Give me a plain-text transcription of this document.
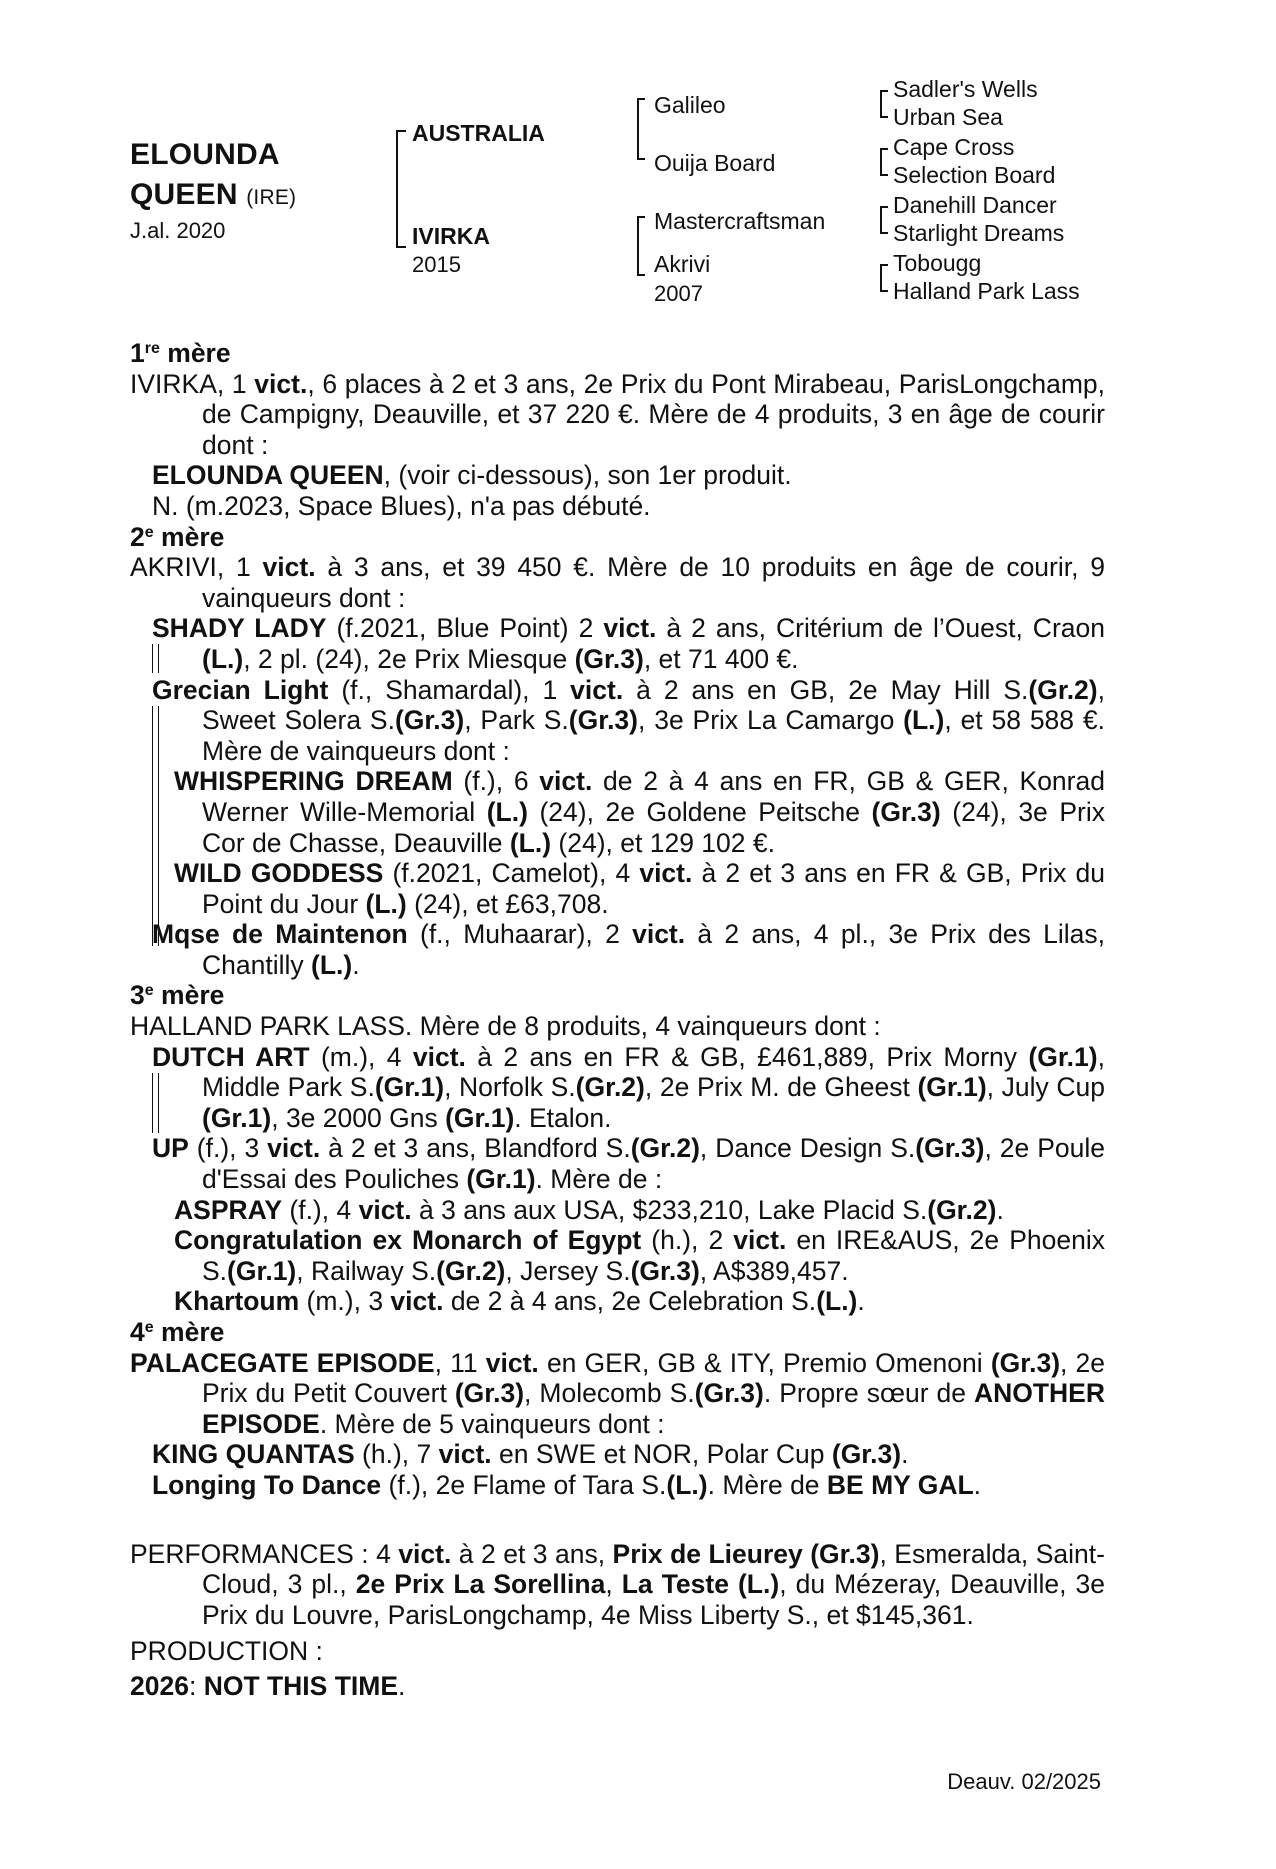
ELOUNDA
QUEEN (IRE)
J.al. 2020
AUSTRALIA
IVIRKA
2015
Galileo
Ouija Board
Mastercraftsman
Akrivi
2007
Sadler's Wells
Urban Sea
Cape Cross
Selection Board
Danehill Dancer
Starlight Dreams
Tobougg
Halland Park Lass
1re mère
IVIRKA, 1 vict., 6 places à 2 et 3 ans, 2e Prix du Pont Mirabeau, ParisLongchamp, de Campigny, Deauville, et 37 220 €. Mère de 4 produits, 3 en âge de courir dont :
ELOUNDA QUEEN, (voir ci-dessous), son 1er produit.
N. (m.2023, Space Blues), n'a pas débuté.
2e mère
AKRIVI, 1 vict. à 3 ans, et 39 450 €. Mère de 10 produits en âge de courir, 9 vainqueurs dont :
SHADY LADY (f.2021, Blue Point) 2 vict. à 2 ans, Critérium de l’Ouest, Craon (L.), 2 pl. (24), 2e Prix Miesque (Gr.3), et 71 400 €.
Grecian Light (f., Shamardal), 1 vict. à 2 ans en GB, 2e May Hill S.(Gr.2), Sweet Solera S.(Gr.3), Park S.(Gr.3), 3e Prix La Camargo (L.), et 58 588 €. Mère de vainqueurs dont :
WHISPERING DREAM (f.), 6 vict. de 2 à 4 ans en FR, GB & GER, Konrad Werner Wille-Memorial (L.) (24), 2e Goldene Peitsche (Gr.3) (24), 3e Prix Cor de Chasse, Deauville (L.) (24), et 129 102 €.
WILD GODDESS (f.2021, Camelot), 4 vict. à 2 et 3 ans en FR & GB, Prix du Point du Jour (L.) (24), et £63,708.
Mqse de Maintenon (f., Muhaarar), 2 vict. à 2 ans, 4 pl., 3e Prix des Lilas, Chantilly (L.).
3e mère
HALLAND PARK LASS. Mère de 8 produits, 4 vainqueurs dont :
DUTCH ART (m.), 4 vict. à 2 ans en FR & GB, £461,889, Prix Morny (Gr.1), Middle Park S.(Gr.1), Norfolk S.(Gr.2), 2e Prix M. de Gheest (Gr.1), July Cup (Gr.1), 3e 2000 Gns (Gr.1). Etalon.
UP (f.), 3 vict. à 2 et 3 ans, Blandford S.(Gr.2), Dance Design S.(Gr.3), 2e Poule d'Essai des Pouliches (Gr.1). Mère de :
ASPRAY (f.), 4 vict. à 3 ans aux USA, $233,210, Lake Placid S.(Gr.2).
Congratulation ex Monarch of Egypt (h.), 2 vict. en IRE&AUS, 2e Phoenix S.(Gr.1), Railway S.(Gr.2), Jersey S.(Gr.3), A$389,457.
Khartoum (m.), 3 vict. de 2 à 4 ans, 2e Celebration S.(L.).
4e mère
PALACEGATE EPISODE, 11 vict. en GER, GB & ITY, Premio Omenoni (Gr.3), 2e Prix du Petit Couvert (Gr.3), Molecomb S.(Gr.3). Propre sœur de ANOTHER EPISODE. Mère de 5 vainqueurs dont :
KING QUANTAS (h.), 7 vict. en SWE et NOR, Polar Cup (Gr.3).
Longing To Dance (f.), 2e Flame of Tara S.(L.). Mère de BE MY GAL.
PERFORMANCES : 4 vict. à 2 et 3 ans, Prix de Lieurey (Gr.3), Esmeralda, Saint-Cloud, 3 pl., 2e Prix La Sorellina, La Teste (L.), du Mézeray, Deauville, 3e Prix du Louvre, ParisLongchamp, 4e Miss Liberty S., et $145,361.
PRODUCTION :
2026: NOT THIS TIME.
Deauv. 02/2025
